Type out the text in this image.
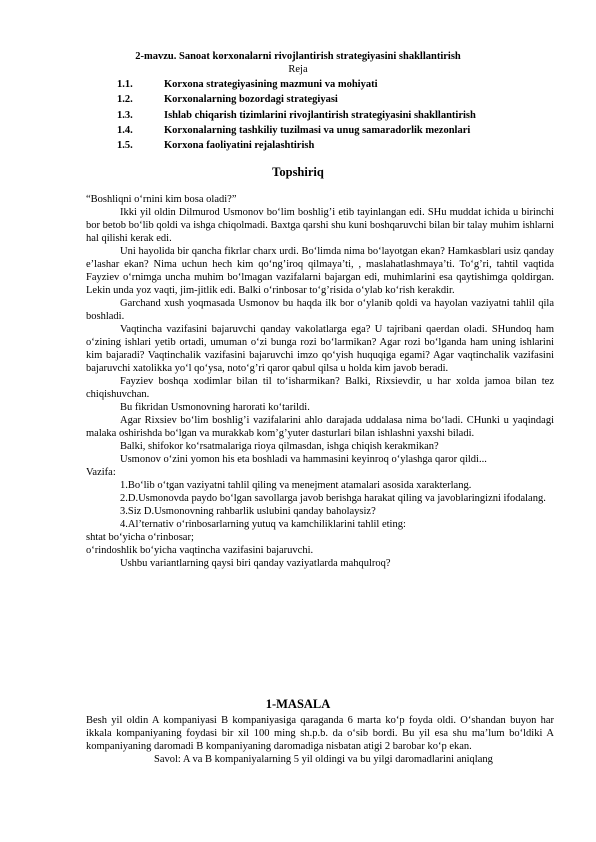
2-mavzu. Sanoat korxonalarni rivojlantirish strategiyasini shakllantirish

Reja
1.1.	Korxona strategiyasining mazmuni va mohiyati
1.2.	Korxonalarning bozordagi strategiyasi
1.3.	Ishlab chiqarish tizimlarini rivojlantirish strategiyasini shakllantirish
1.4.	Korxonalarning tashkiliy tuzilmasi va unug samaradorlik mezonlari
1.5.	Korxona faoliyatini rejalashtirish
Topshiriq

“Boshliqni o‘rnini kim bosa oladi?”

Ikki yil oldin Dilmurod Usmonov bo‘lim boshlig’i etib tayinlangan edi. SHu muddat ichida u birinchi bor betob bo‘lib qoldi va ishga chiqolmadi. Baxtga qarshi shu kuni boshqaruvchi bilan bir talay muhim ishlarni hal qilishi kerak edi.

Uni hayolida bir qancha fikrlar charx urdi. Bo‘limda nima bo‘layotgan ekan? Hamkasblari usiz qanday e’lashar ekan? Nima uchun hech kim qo‘ng’iroq qilmaya’ti, , maslahatlashmaya’ti. To‘g’ri, tahtil vaqtida Fayziev o‘rnimga uncha muhim bo‘lmagan vazifalarni bajargan edi, muhimlarini esa qaytishimga qoldirgan. Lekin unda yoz vaqti, jim-jitlik edi. Balki o‘rinbosar to‘g’risida o‘ylab ko‘rish kerakdir.

Garchand xush yoqmasada Usmonov bu haqda ilk bor o‘ylanib qoldi va hayolan vaziyatni tahlil qila boshladi.

Vaqtincha vazifasini bajaruvchi qanday vakolatlarga ega? U tajribani qaerdan oladi. SHundoq ham o‘zining ishlari yetib ortadi, umuman o‘zi bunga rozi bo‘larmikan? Agar rozi bo‘lganda ham uning ishlarini kim bajaradi? Vaqtinchalik vazifasini bajaruvchi imzo qo‘yish huquqiga egami? Agar vaqtinchalik vazifasini bajaruvchi xatolikka yo‘l qo‘ysa, noto‘g’ri qaror qabul qilsa u holda kim javob beradi.

Fayziev boshqa xodimlar bilan til to‘isharmikan? Balki, Rixsievdir, u har xolda jamoa bilan tez chiqishuvchan.

Bu fikridan Usmonovning harorati ko‘tarildi.

Agar Rixsiev bo‘lim boshlig’i vazifalarini ahlo darajada uddalasa nima bo‘ladi. CHunki u yaqindagi malaka oshirishda bo‘lgan va murakkab kom’g’yuter dasturlari bilan ishlashni yaxshi biladi.

Balki, shifokor ko‘rsatmalariga rioya qilmasdan, ishga chiqish kerakmikan?

Usmonov o‘zini yomon his eta boshladi va hammasini keyinroq o‘ylashga qaror qildi...

Vazifa:

1.Bo‘lib o‘tgan vaziyatni tahlil qiling va menejment atamalari asosida xarakterlang.

2.D.Usmonovda paydo bo‘lgan savollarga javob berishga harakat qiling va javoblaringizni ifodalang.

3.Siz D.Usmonovning rahbarlik uslubini qanday baholaysiz?

4.Al’ternativ o‘rinbosarlarning yutuq va kamchiliklarini tahlil eting:

shtat bo‘yicha o‘rinbosar;

o‘rindoshlik bo‘yicha vaqtincha vazifasini bajaruvchi.

Ushbu variantlarning qaysi biri qanday vaziyatlarda mahqulroq?

1-MASALA

Besh yil oldin A kompaniyasi B kompaniyasiga qaraganda 6 marta ko‘p foyda oldi. O‘shandan buyon har ikkala kompaniyaning foydasi bir xil 100 ming sh.p.b. da o‘sib bordi. Bu yil esa shu ma’lum bo‘ldiki A kompaniyaning daromadi B kompaniyaning daromadiga nisbatan atigi 2 barobar ko‘p ekan.

Savol: A va B kompaniyalarning 5 yil oldingi va bu yilgi daromadlarini aniqlang
